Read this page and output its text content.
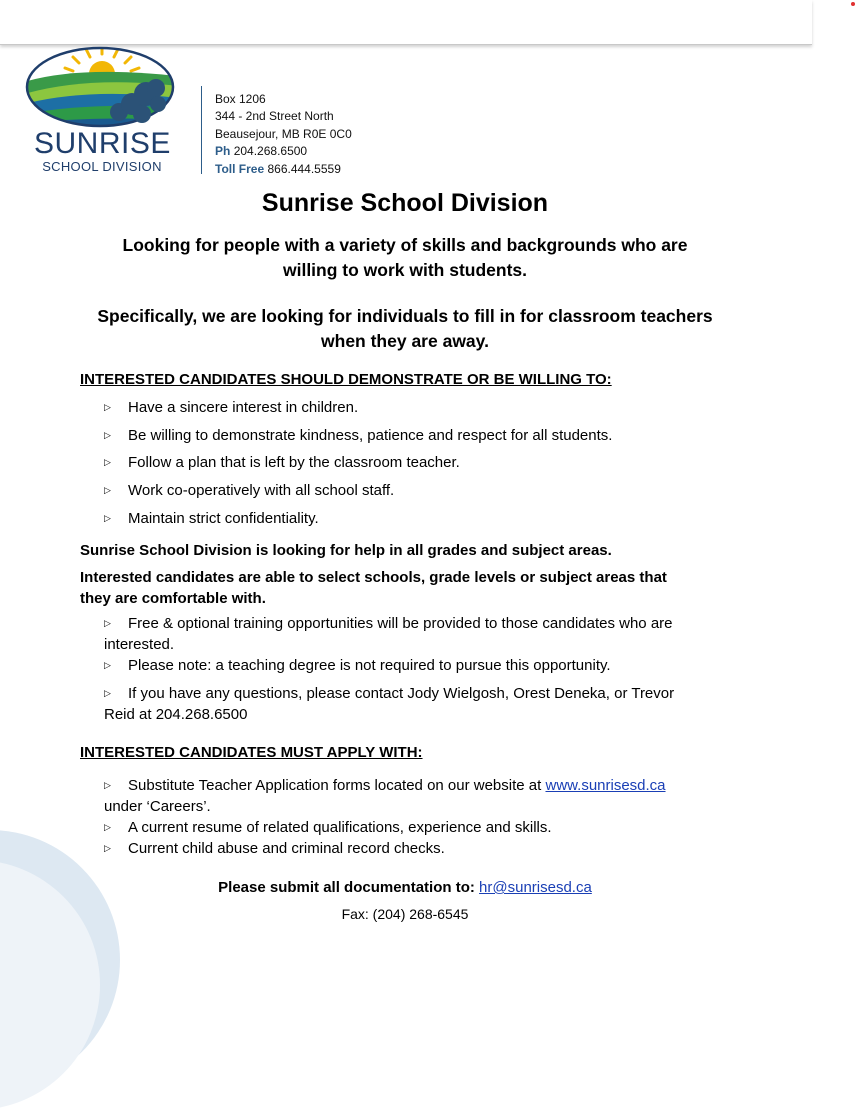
SUNRISE
SCHOOL DIVISION
Box 1206
344 - 2nd Street North
Beausejour, MB R0E 0C0
Ph 204.268.6500
Toll Free 866.444.5559
Sunrise School Division
Looking for people with a variety of skills and backgrounds who are
willing to work with students.
Specifically, we are looking for individuals to fill in for classroom teachers
when they are away.
INTERESTED CANDIDATES SHOULD DEMONSTRATE OR BE WILLING TO:
▷ Have a sincere interest in children.
▷ Be willing to demonstrate kindness, patience and respect for all students.
▷ Follow a plan that is left by the classroom teacher.
▷ Work co-operatively with all school staff.
▷ Maintain strict confidentiality.
Sunrise School Division is looking for help in all grades and subject areas.
Interested candidates are able to select schools, grade levels or subject areas that
they are comfortable with.
▷ Free & optional training opportunities will be provided to those candidates who are
interested.
▷ Please note: a teaching degree is not required to pursue this opportunity.
▷ If you have any questions, please contact Jody Wielgosh, Orest Deneka, or Trevor
Reid at 204.268.6500
INTERESTED CANDIDATES MUST APPLY WITH:
▷ Substitute Teacher Application forms located on our website at www.sunrisesd.ca
under ‘Careers’.
▷ A current resume of related qualifications, experience and skills.
▷ Current child abuse and criminal record checks.
Please submit all documentation to: hr@sunrisesd.ca
Fax: (204) 268-6545
